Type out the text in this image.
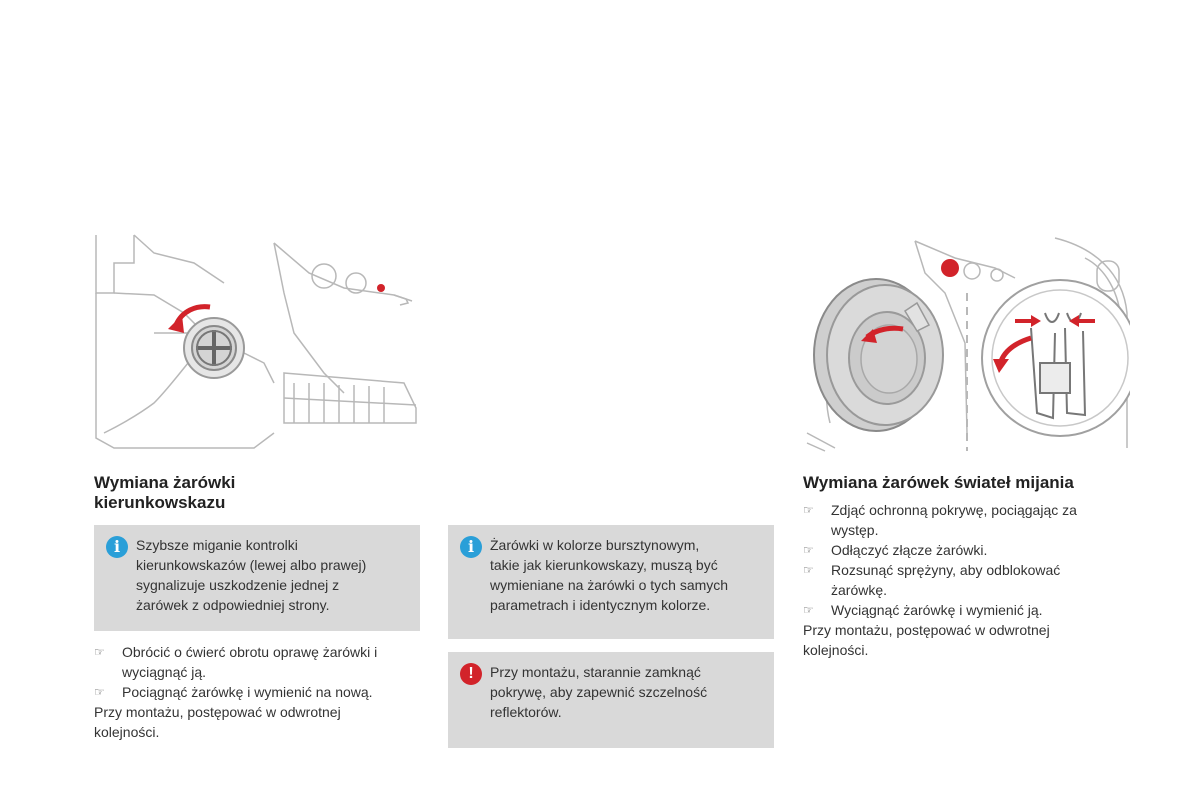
Wymiana żarówki
kierunkowskazu
i	Szybsze miganie kontrolki
kierunkowskazów (lewej albo prawej)
sygnalizuje uszkodzenie jednej z
żarówek z odpowiedniej strony.
☞ Obrócić o ćwierć obrotu oprawę żarówki i
wyciągnąć ją.
☞ Pociągnąć żarówkę i wymienić na nową.
Przy montażu, postępować w odwrotnej
kolejności.
i	Żarówki w kolorze bursztynowym,
takie jak kierunkowskazy, muszą być
wymieniane na żarówki o tych samych
parametrach i identycznym kolorze.
!	Przy montażu, starannie zamknąć
pokrywę, aby zapewnić szczelność
reflektorów.
Wymiana żarówek świateł mijania
☞ Zdjąć ochronną pokrywę, pociągając za
występ.
☞ Odłączyć złącze żarówki.
☞ Rozsunąć sprężyny, aby odblokować
żarówkę.
☞ Wyciągnąć żarówkę i wymienić ją.
Przy montażu, postępować w odwrotnej
kolejności.
